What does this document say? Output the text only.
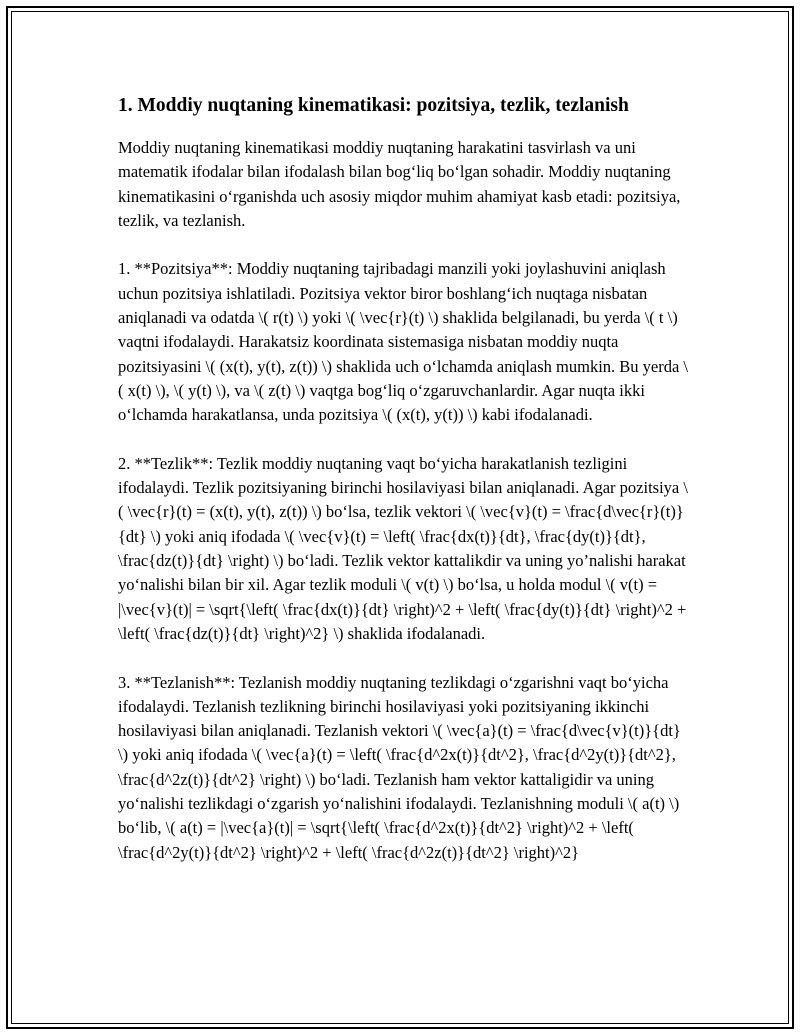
1. Moddiy nuqtaning kinematikasi: pozitsiya, tezlik, tezlanish

Moddiy nuqtaning kinematikasi moddiy nuqtaning harakatini tasvirlash va uni matematik ifodalar bilan ifodalash bilan bog‘liq bo‘lgan sohadir. Moddiy nuqtaning kinematikasini o‘rganishda uch asosiy miqdor muhim ahamiyat kasb etadi: pozitsiya, tezlik, va tezlanish.

1. **Pozitsiya**: Moddiy nuqtaning tajribadagi manzili yoki joylashuvini aniqlash uchun pozitsiya ishlatiladi. Pozitsiya vektor biror boshlang‘ich nuqtaga nisbatan aniqlanadi va odatda \( r(t) \) yoki \( \vec{r}(t) \) shaklida belgilanadi, bu yerda \( t \) vaqtni ifodalaydi. Harakatsiz koordinata sistemasiga nisbatan moddiy nuqta pozitsiyasini \( (x(t), y(t), z(t)) \) shaklida uch o‘lchamda aniqlash mumkin. Bu yerda \( x(t) \), \( y(t) \), va \( z(t) \) vaqtga bog‘liq o‘zgaruvchanlardir. Agar nuqta ikki o‘lchamda harakatlansa, unda pozitsiya \( (x(t), y(t)) \) kabi ifodalanadi.

2. **Tezlik**: Tezlik moddiy nuqtaning vaqt bo‘yicha harakatlanish tezligini ifodalaydi. Tezlik pozitsiyaning birinchi hosilaviyasi bilan aniqlanadi. Agar pozitsiya \( \vec{r}(t) = (x(t), y(t), z(t)) \) bo‘lsa, tezlik vektori \( \vec{v}(t) = \frac{d\vec{r}(t)}{dt} \) yoki aniq ifodada \( \vec{v}(t) = \left( \frac{dx(t)}{dt}, \frac{dy(t)}{dt}, \frac{dz(t)}{dt} \right) \) bo‘ladi. Tezlik vektor kattalikdir va uning yo’nalishi harakat yo‘nalishi bilan bir xil. Agar tezlik moduli \( v(t) \) bo‘lsa, u holda modul \( v(t) = |\vec{v}(t)| = \sqrt{\left( \frac{dx(t)}{dt} \right)^2 + \left( \frac{dy(t)}{dt} \right)^2 + \left( \frac{dz(t)}{dt} \right)^2} \) shaklida ifodalanadi.

3. **Tezlanish**: Tezlanish moddiy nuqtaning tezlikdagi o‘zgarishni vaqt bo‘yicha ifodalaydi. Tezlanish tezlikning birinchi hosilaviyasi yoki pozitsiyaning ikkinchi hosilaviyasi bilan aniqlanadi. Tezlanish vektori \( \vec{a}(t) = \frac{d\vec{v}(t)}{dt} \) yoki aniq ifodada \( \vec{a}(t) = \left( \frac{d^2x(t)}{dt^2}, \frac{d^2y(t)}{dt^2}, \frac{d^2z(t)}{dt^2} \right) \) bo‘ladi. Tezlanish ham vektor kattaligidir va uning yo‘nalishi tezlikdagi o‘zgarish yo‘nalishini ifodalaydi. Tezlanishning moduli \( a(t) \) bo‘lib, \( a(t) = |\vec{a}(t)| = \sqrt{\left( \frac{d^2x(t)}{dt^2} \right)^2 + \left( \frac{d^2y(t)}{dt^2} \right)^2 + \left( \frac{d^2z(t)}{dt^2} \right)^2}
